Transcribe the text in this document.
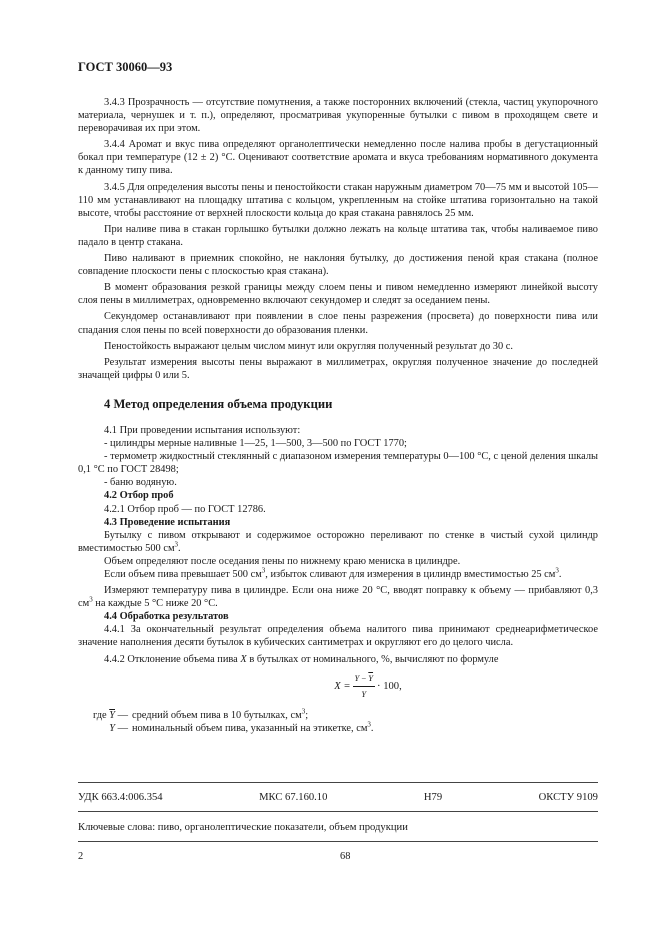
ГОСТ 30060—93

3.4.3 Прозрачность — отсутствие помутнения, а также посторонних включений (стекла, частиц укупорочного материала, чернушек и т. п.), определяют, просматривая укупоренные бутылки с пивом в проходящем свете и переворачивая их при этом.

3.4.4 Аромат и вкус пива определяют органолептически немедленно после налива пробы в дегустационный бокал при температуре (12 ± 2) °С. Оценивают соответствие аромата и вкуса требованиям нормативного документа к данному типу пива.

3.4.5 Для определения высоты пены и пеностойкости стакан наружным диаметром 70—75 мм и высотой 105—110 мм устанавливают на площадку штатива с кольцом, укрепленным на стойке штатива горизонтально на такой высоте, чтобы расстояние от верхней плоскости кольца до края стакана равнялось 25 мм.

При наливе пива в стакан горлышко бутылки должно лежать на кольце штатива так, чтобы наливаемое пиво падало в центр стакана.

Пиво наливают в приемник спокойно, не наклоняя бутылку, до достижения пеной края стакана (полное совпадение плоскости пены с плоскостью края стакана).

В момент образования резкой границы между слоем пены и пивом немедленно измеряют линейкой высоту слоя пены в миллиметрах, одновременно включают секундомер и следят за оседанием пены.

Секундомер останавливают при появлении в слое пены разрежения (просвета) до поверхности пива или спадания слоя пены по всей поверхности до образования пленки.

Пеностойкость выражают целым числом минут или округляя полученный результат до 30 с.

Результат измерения высоты пены выражают в миллиметрах, округляя полученное значение до последней значащей цифры 0 или 5.

4 Метод определения объема продукции

4.1 При проведении испытания используют:

- цилиндры мерные наливные 1—25, 1—500, 3—500 по ГОСТ 1770;

- термометр жидкостный стеклянный с диапазоном измерения температуры 0—100 °С, с ценой деления шкалы 0,1 °С по ГОСТ 28498;

- баню водяную.

4.2 Отбор проб

4.2.1 Отбор проб — по ГОСТ 12786.

4.3 Проведение испытания

Бутылку с пивом открывают и содержимое осторожно переливают по стенке в чистый сухой цилиндр вместимостью 500 $см^3$.

Объем определяют после оседания пены по нижнему краю мениска в цилиндре.

Если объем пива превышает 500 $см^3$, избыток сливают для измерения в цилиндр вместимостью 25 $см^3$.

Измеряют температуру пива в цилиндре. Если она ниже 20 °С, вводят поправку к объему — прибавляют 0,3 $см^3$ на каждые 5 °С ниже 20 °С.

4.4 Обработка результатов

4.4.1 За окончательный результат определения объема налитого пива принимают среднеарифметическое значение наполнения десяти бутылок в кубических сантиметрах и округляют его до целого числа.

4.4.2 Отклонение объема пива X в бутылках от номинального, %, вычисляют по формуле

$X = \frac{Y - \overline{Y}}{Y} \cdot 100$,
где $\overline{Y}$ — средний объем пива в 10 бутылках, $см^3$;
Y — номинальный объем пива, указанный на этикетке, $см^3$.
УДК 663.4:006.354	МКС 67.160.10	Н79	ОКСТУ 9109
Ключевые слова: пиво, органолептические показатели, объем продукции
2	68
